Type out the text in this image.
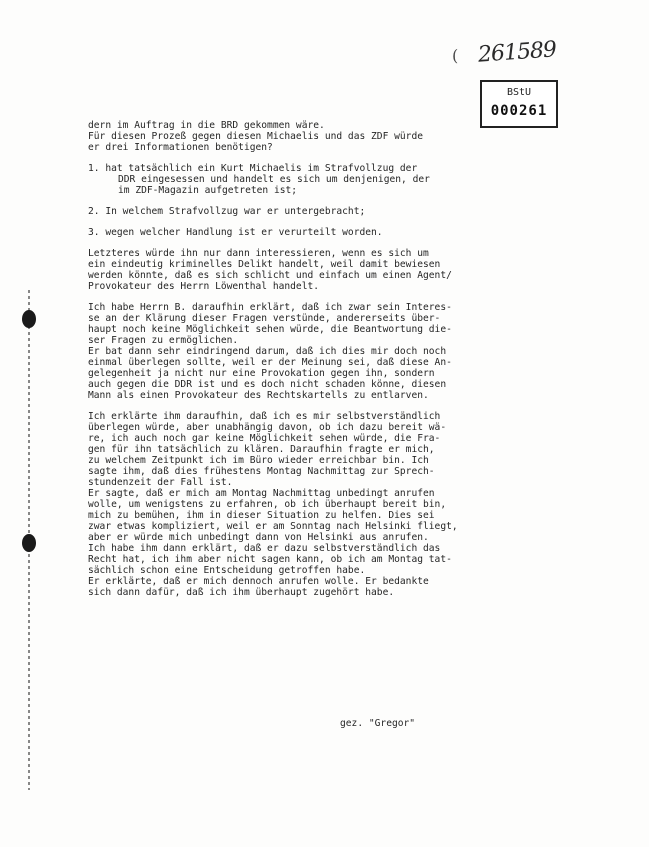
( 261589
BStU
000261
dern im Auftrag in die BRD gekommen wäre.
Für diesen Prozeß gegen diesen Michaelis und das ZDF würde
er drei Informationen benötigen?
1. hat tatsächlich ein Kurt Michaelis im Strafvollzug der
DDR eingesessen und handelt es sich um denjenigen, der
im ZDF-Magazin aufgetreten ist;
2. In welchem Strafvollzug war er untergebracht;
3. wegen welcher Handlung ist er verurteilt worden.
Letzteres würde ihn nur dann interessieren, wenn es sich um
ein eindeutig kriminelles Delikt handelt, weil damit bewiesen
werden könnte, daß es sich schlicht und einfach um einen Agent/
Provokateur des Herrn Löwenthal handelt.
Ich habe Herrn B. daraufhin erklärt, daß ich zwar sein Interes-
se an der Klärung dieser Fragen verstünde, andererseits über-
haupt noch keine Möglichkeit sehen würde, die Beantwortung die-
ser Fragen zu ermöglichen.
Er bat dann sehr eindringend darum, daß ich dies mir doch noch
einmal überlegen sollte, weil er der Meinung sei, daß diese An-
gelegenheit ja nicht nur eine Provokation gegen ihn, sondern
auch gegen die DDR ist und es doch nicht schaden könne, diesen
Mann als einen Provokateur des Rechtskartells zu entlarven.
Ich erklärte ihm daraufhin, daß ich es mir selbstverständlich
überlegen würde, aber unabhängig davon, ob ich dazu bereit wä-
re, ich auch noch gar keine Möglichkeit sehen würde, die Fra-
gen für ihn tatsächlich zu klären. Daraufhin fragte er mich,
zu welchem Zeitpunkt ich im Büro wieder erreichbar bin. Ich
sagte ihm, daß dies frühestens Montag Nachmittag zur Sprech-
stundenzeit der Fall ist.
Er sagte, daß er mich am Montag Nachmittag unbedingt anrufen
wolle, um wenigstens zu erfahren, ob ich überhaupt bereit bin,
mich zu bemühen, ihm in dieser Situation zu helfen. Dies sei
zwar etwas kompliziert, weil er am Sonntag nach Helsinki fliegt,
aber er würde mich unbedingt dann von Helsinki aus anrufen.
Ich habe ihm dann erklärt, daß er dazu selbstverständlich das
Recht hat, ich ihm aber nicht sagen kann, ob ich am Montag tat-
sächlich schon eine Entscheidung getroffen habe.
Er erklärte, daß er mich dennoch anrufen wolle. Er bedankte
sich dann dafür, daß ich ihm überhaupt zugehört habe.
gez. "Gregor"
